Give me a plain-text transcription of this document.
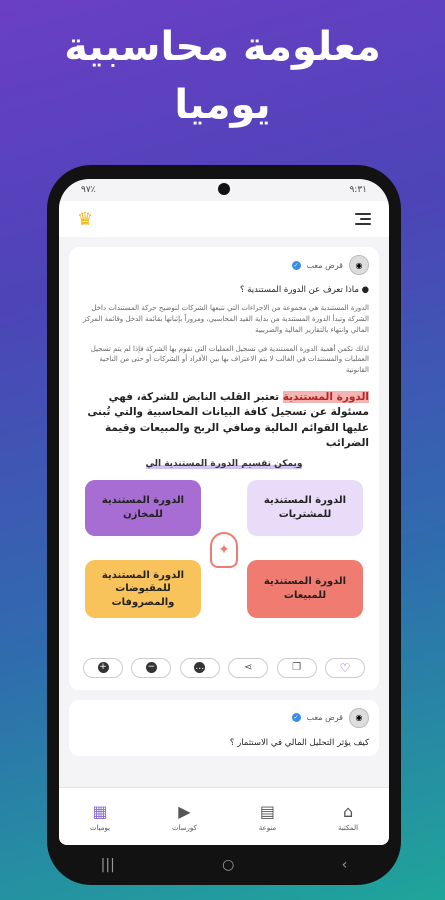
معلومة محاسبية
يوميا
٩٧٪	٩:٣١
♛
◉
قرض معب
✓
● ماذا تعرف عن الدورة المستندية ؟
الدورة المستندية هي مجموعة من الاجراءات التي تتبعها الشركات لتوضيح حركة المستندات داخل الشركة وتبدأ الدورة المستندية من بداية القيد المحاسبي، ومروراً بإثباتها بقائمة الدخل وقائمة المركز المالي وانتهاء بالتقارير المالية والضريبية
لذلك تكمن أهمية الدورة المستندية في تسجيل العمليات التي تقوم بها الشركة فإذا لم يتم تسجيل العمليات والمستندات في الغالب لا يتم الاعتراف بها بين الأفراد أو الشركات أو حتى من الناحية القانونية
الدورة المستندية تعتبر القلب النابض للشركة، فهي مسئولة عن تسجيل كافة البيانات المحاسبية والتي تُبنى عليها القوائم المالية وصافي الربح والمبيعات وقيمة الضرائب
ويمكن تقسيم الدورة المستندية الي
الدورة المستندية للمشتريات
الدورة المستندية للمخازن
✦
الدورة المستندية للمبيعات
الدورة المستندية للمقبوضات والمصروفات
+	−	…	⋖	❐	♡
◉
قرض معب
✓
كيف يؤثر التحليل المالي في الاستثمار ؟
▦
يوميات
▶
كورسات
▤
منوعة
⌂
المكتبة
|||	○	‹
